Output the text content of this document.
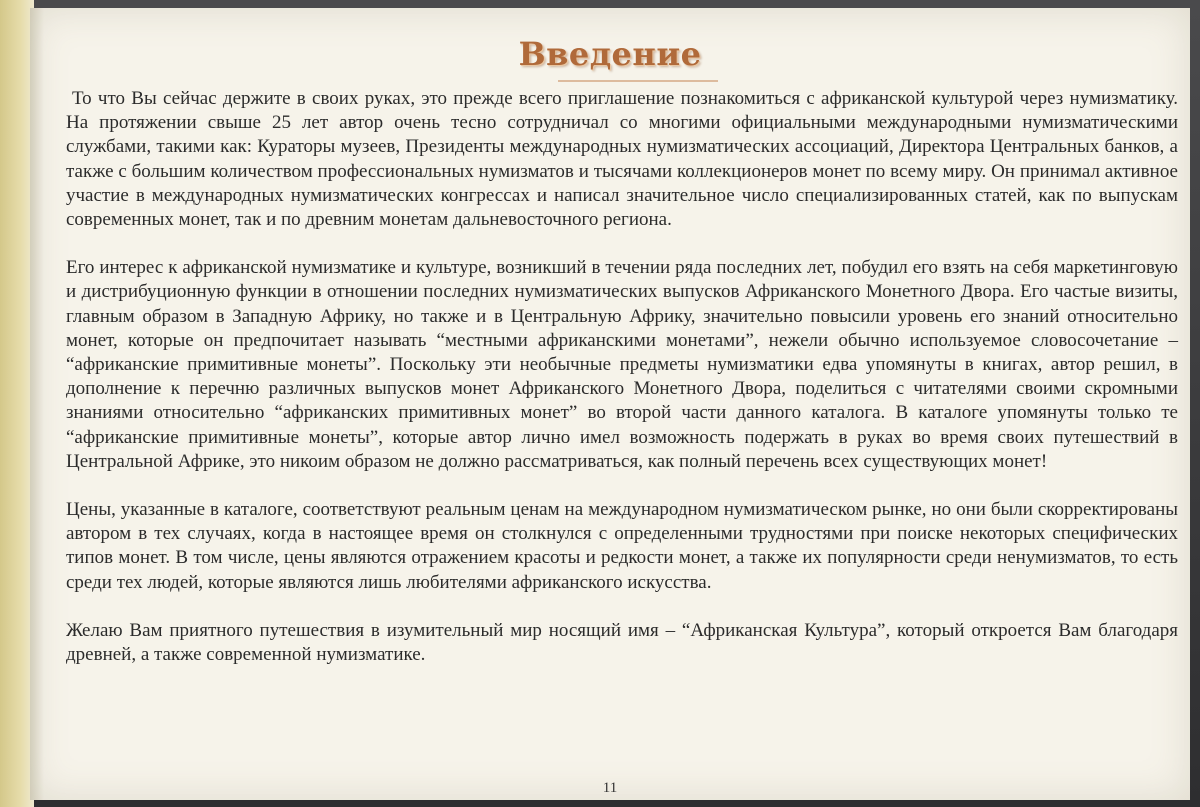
Введение

То что Вы сейчас держите в своих руках, это прежде всего приглашение познакомиться с африканской культурой через нумизматику. На протяжении свыше 25 лет автор очень тесно сотрудничал со многими официальными международными нумизматическими службами, такими как: Кураторы музеев, Президенты международных нумизматических ассоциаций, Директора Центральных банков, а также с большим количеством профессиональных нумизматов и тысячами коллекционеров монет по всему миру. Он принимал активное участие в международных нумизматических конгрессах и написал значительное число специализированных статей, как по выпускам современных монет, так и по древним монетам дальневосточного региона.

Его интерес к африканской нумизматике и культуре, возникший в течении ряда последних лет, побудил его взять на себя маркетинговую и дистрибуционную функции в отношении последних нумизматических выпусков Африканского Монетного Двора. Его частые визиты, главным образом в Западную Африку, но также и в Центральную Африку, значительно повысили уровень его знаний относительно монет, которые он предпочитает называть “местными африканскими монетами”, нежели обычно используемое словосочетание – “африканские примитивные монеты”. Поскольку эти необычные предметы нумизматики едва упомянуты в книгах, автор решил, в дополнение к перечню различных выпусков монет Африканского Монетного Двора, поделиться с читателями своими скромными знаниями относительно “африканских примитивных монет” во второй части данного каталога. В каталоге упомянуты только те “африканские примитивные монеты”, которые автор лично имел возможность подержать в руках во время своих путешествий в Центральной Африке, это никоим образом не должно рассматриваться, как полный перечень всех существующих монет!

Цены, указанные в каталоге, соответствуют реальным ценам на международном нумизматическом рынке, но они были скорректированы автором в тех случаях, когда в настоящее время он столкнулся с определенными трудностями при поиске некоторых специфических типов монет. В том числе, цены являются отражением красоты и редкости монет, а также их популярности среди ненумизматов, то есть среди тех людей, которые являются лишь любителями африканского искусства.

Желаю Вам приятного путешествия в изумительный мир носящий имя – “Африканская Культура”, который откроется Вам благодаря древней, а также современной нумизматике.

11
